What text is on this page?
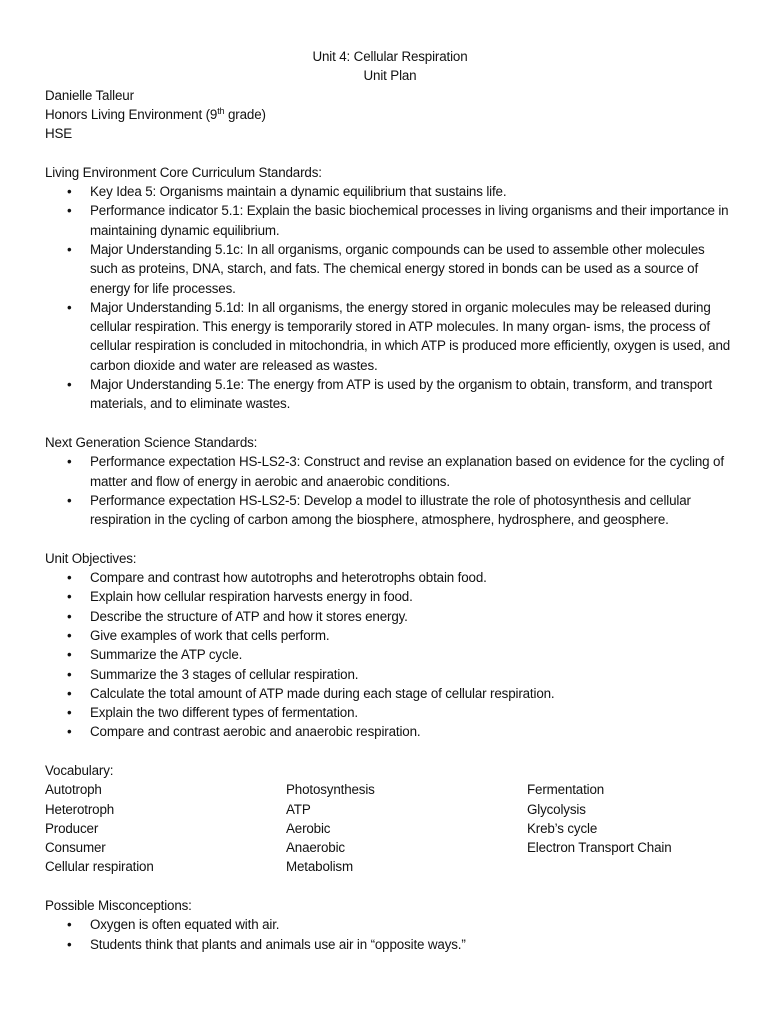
Unit 4: Cellular Respiration

Unit Plan

Danielle Talleur

Honors Living Environment (9th grade)

HSE

Living Environment Core Curriculum Standards:

• Key Idea 5: Organisms maintain a dynamic equilibrium that sustains life.
• Performance indicator 5.1: Explain the basic biochemical processes in living organisms and their importance in maintaining dynamic equilibrium.
• Major Understanding 5.1c: In all organisms, organic compounds can be used to assemble other molecules such as proteins, DNA, starch, and fats. The chemical energy stored in bonds can be used as a source of energy for life processes.
• Major Understanding 5.1d: In all organisms, the energy stored in organic molecules may be released during cellular respiration. This energy is temporarily stored in ATP molecules. In many organ- isms, the process of cellular respiration is concluded in mitochondria, in which ATP is produced more efficiently, oxygen is used, and carbon dioxide and water are released as wastes.
• Major Understanding 5.1e: The energy from ATP is used by the organism to obtain, transform, and transport materials, and to eliminate wastes.

Next Generation Science Standards:

• Performance expectation HS-LS2-3: Construct and revise an explanation based on evidence for the cycling of matter and flow of energy in aerobic and anaerobic conditions.
• Performance expectation HS-LS2-5: Develop a model to illustrate the role of photosynthesis and cellular respiration in the cycling of carbon among the biosphere, atmosphere, hydrosphere, and geosphere.

Unit Objectives:

• Compare and contrast how autotrophs and heterotrophs obtain food.
• Explain how cellular respiration harvests energy in food.
• Describe the structure of ATP and how it stores energy.
• Give examples of work that cells perform.
• Summarize the ATP cycle.
• Summarize the 3 stages of cellular respiration.
• Calculate the total amount of ATP made during each stage of cellular respiration.
• Explain the two different types of fermentation.
• Compare and contrast aerobic and anaerobic respiration.

Vocabulary:

Autotroph	Photosynthesis	Fermentation
Heterotroph	ATP	Glycolysis
Producer	Aerobic	Kreb’s cycle
Consumer	Anaerobic	Electron Transport Chain
Cellular respiration	Metabolism

Possible Misconceptions:

• Oxygen is often equated with air.
• Students think that plants and animals use air in “opposite ways.”
